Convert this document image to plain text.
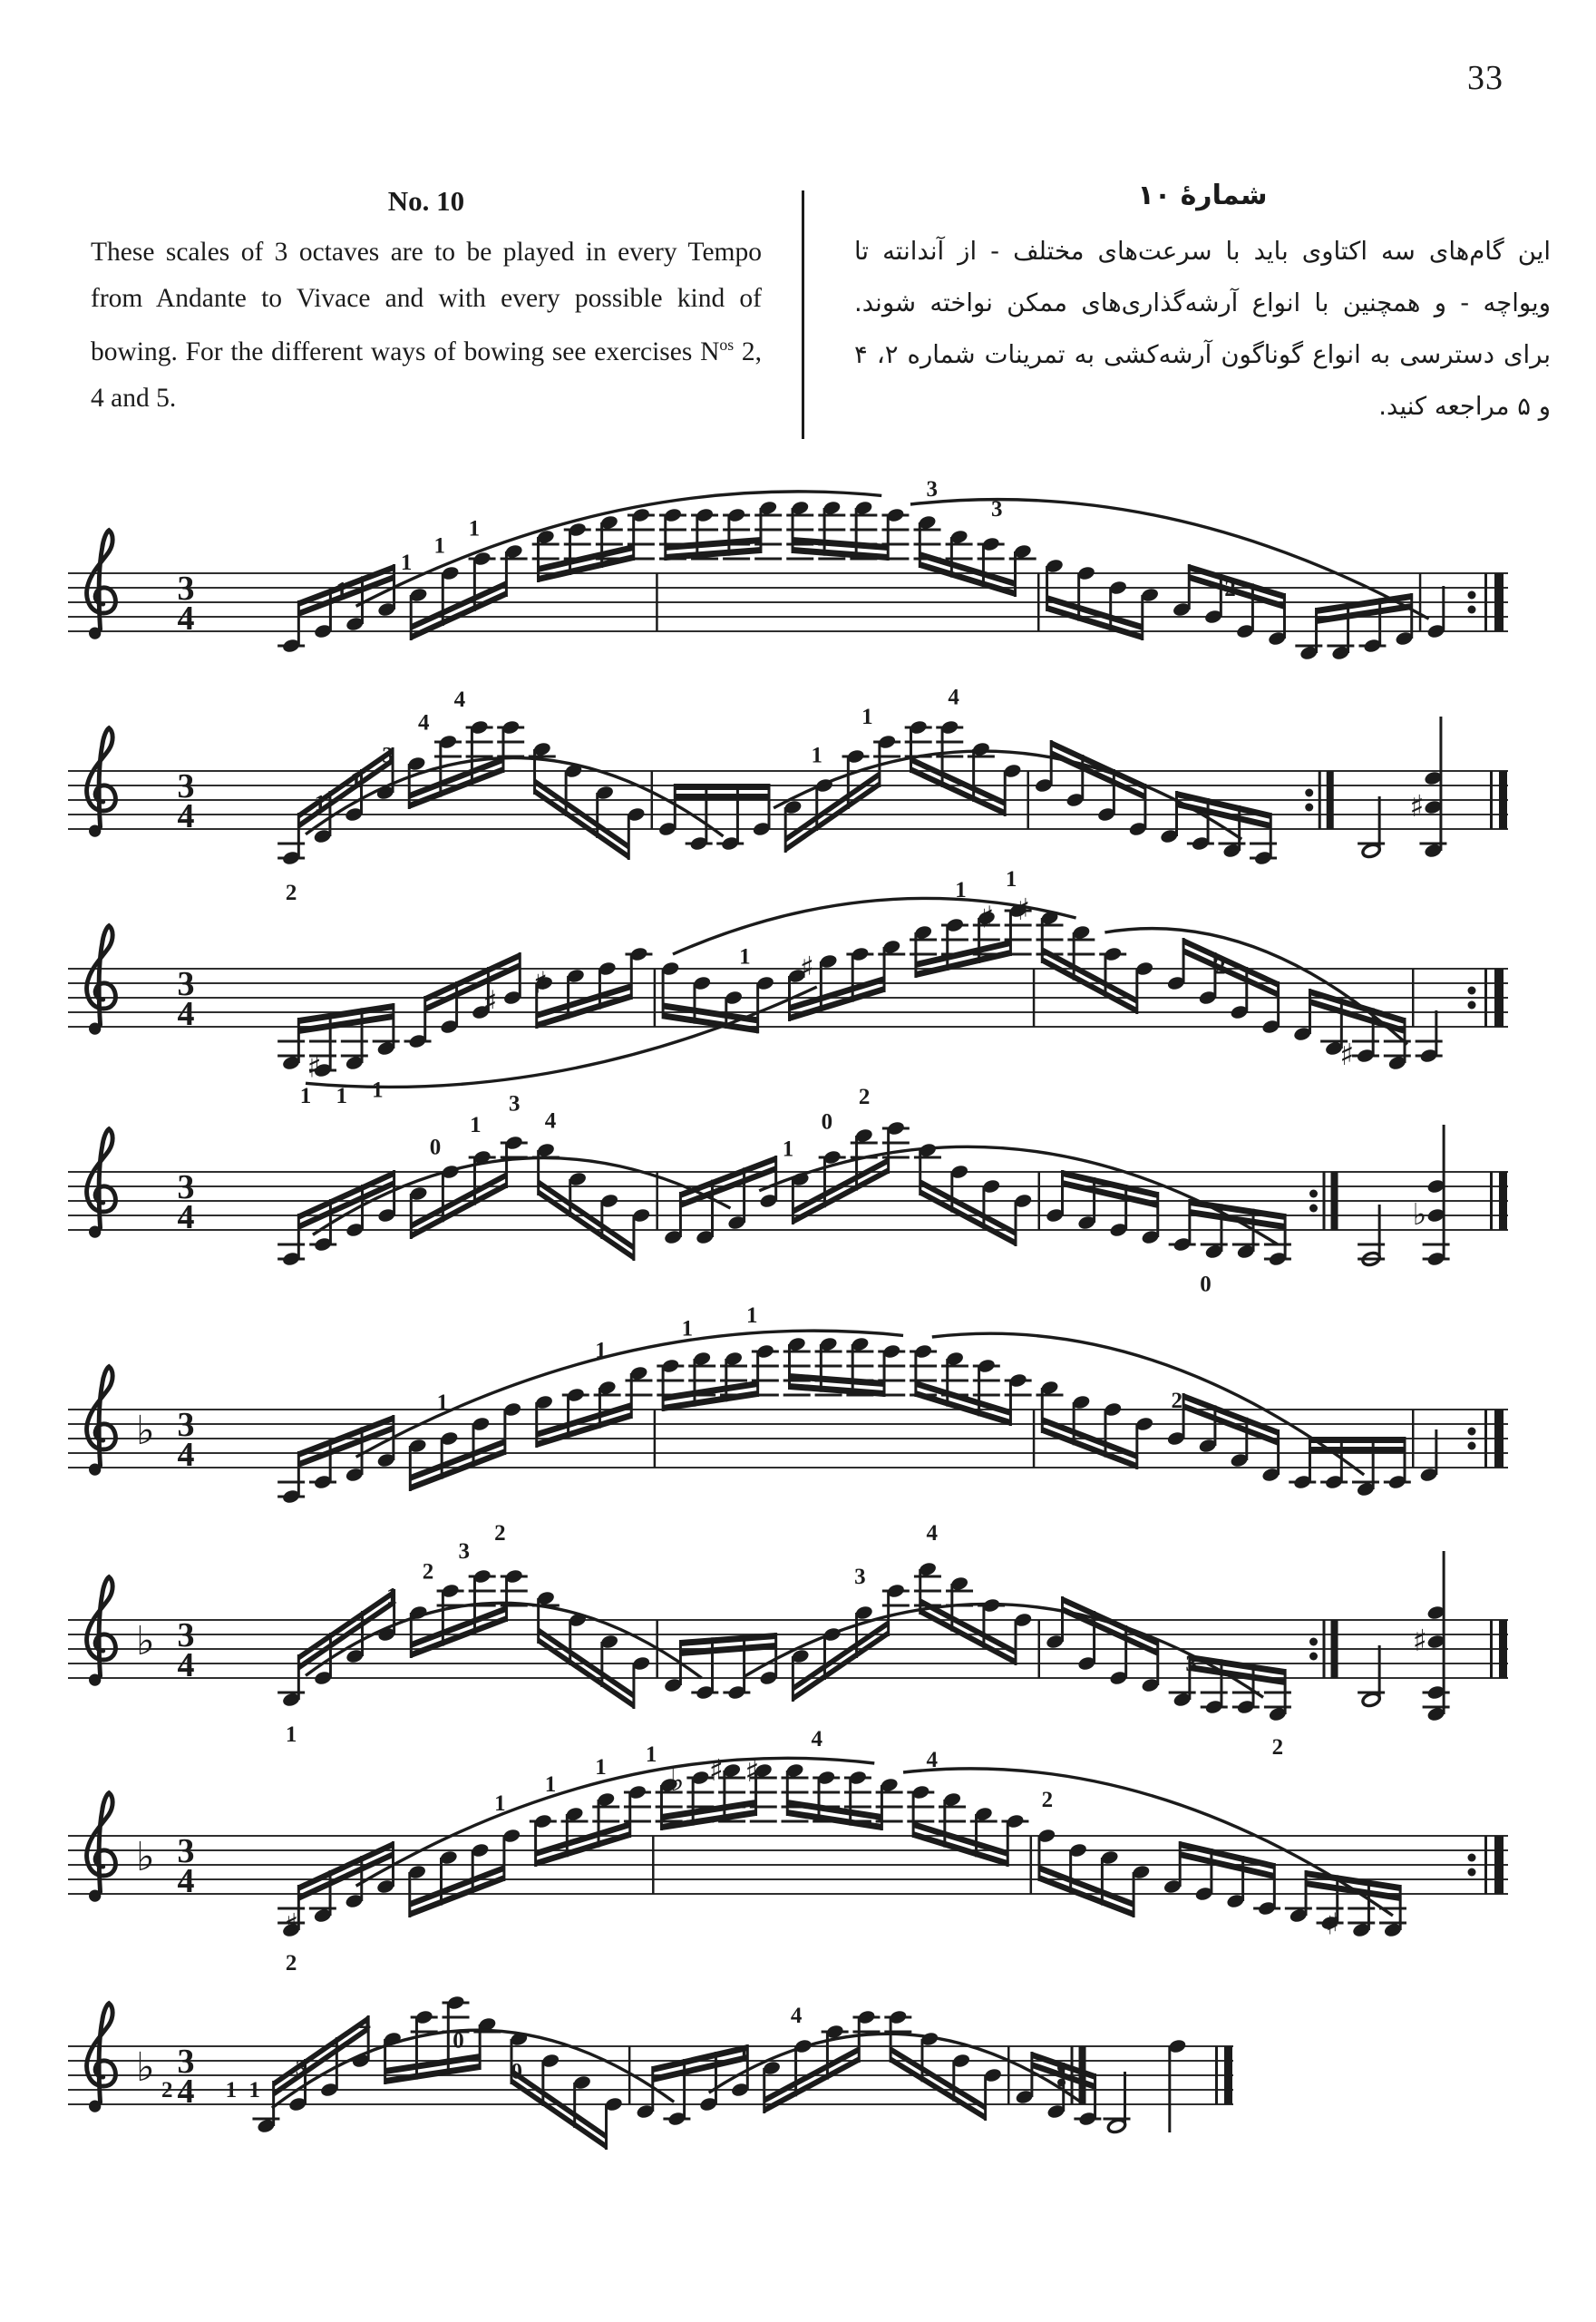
33
No. 10

These scales of 3 octaves are to be played in every Tempo from Andante to Vivace and with every possible kind of bowing. For the different ways of bowing see exercises $N^{os}$ 2, 4 and 5.

شمارهٔ ۱۰

این گام‌های سه اکتاوی باید با سرعت‌های مختلف - از آندانته تا ویواچه - و همچنین با انواع آرشه‌گذاری‌های ممکن نواخته شوند. برای دسترسی به انواع گوناگون آرشه‌کشی به تمرینات شماره ۲، ۴ و ۵ مراجعه کنید.

3
4
1
1
1
1
3
3
2
3
4
2
1
1
3
4
4
1
1
4
♯
3
4
1 1 1
1
1 1
2
♯
♯
♯	♯
♯ ♯
♯
3
4
0
1
3
4
1
0
2
0
♭
♭ 3
4
1
1
1
1
2
♭ 3
4
1
1
2
3
2
3
4
3
2
♯
♭ 3
4
2
1
1
1
1
4
4
2
♯
♭ ♯ ♯
♯
♭ 3
4
2 1 1
3
4
1
4
0
0
